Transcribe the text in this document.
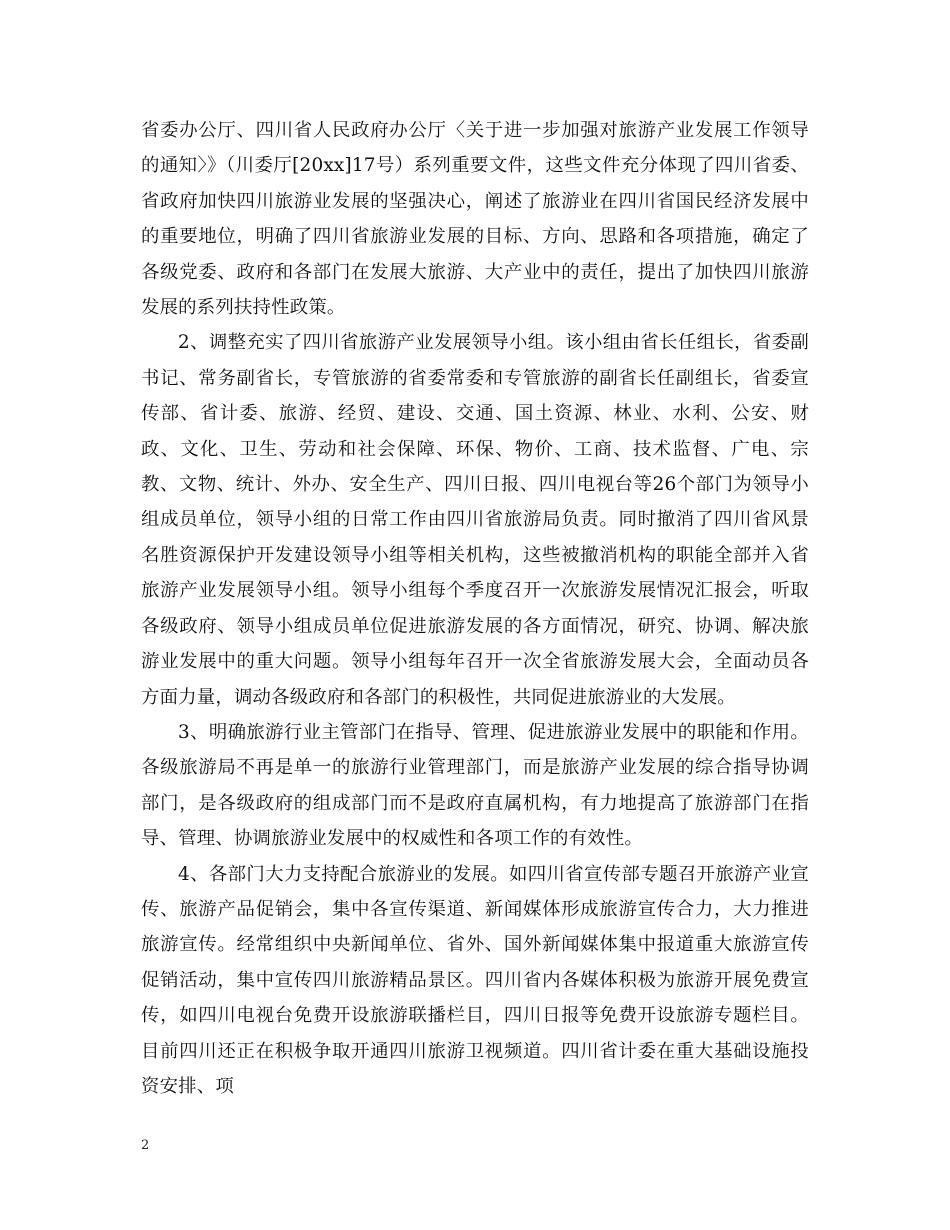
省委办公厅、四川省人民政府办公厅〈关于进一步加强对旅游产业发展工作领导的通知〉》（川委厅[20xx]17号）系列重要文件，这些文件充分体现了四川省委、省政府加快四川旅游业发展的坚强决心，阐述了旅游业在四川省国民经济发展中的重要地位，明确了四川省旅游业发展的目标、方向、思路和各项措施，确定了各级党委、政府和各部门在发展大旅游、大产业中的责任，提出了加快四川旅游发展的系列扶持性政策。

2、调整充实了四川省旅游产业发展领导小组。该小组由省长任组长，省委副书记、常务副省长，专管旅游的省委常委和专管旅游的副省长任副组长，省委宣传部、省计委、旅游、经贸、建设、交通、国土资源、林业、水利、公安、财政、文化、卫生、劳动和社会保障、环保、物价、工商、技术监督、广电、宗教、文物、统计、外办、安全生产、四川日报、四川电视台等26个部门为领导小组成员单位，领导小组的日常工作由四川省旅游局负责。同时撤消了四川省风景名胜资源保护开发建设领导小组等相关机构，这些被撤消机构的职能全部并入省旅游产业发展领导小组。领导小组每个季度召开一次旅游发展情况汇报会，听取各级政府、领导小组成员单位促进旅游发展的各方面情况，研究、协调、解决旅游业发展中的重大问题。领导小组每年召开一次全省旅游发展大会，全面动员各方面力量，调动各级政府和各部门的积极性，共同促进旅游业的大发展。

3、明确旅游行业主管部门在指导、管理、促进旅游业发展中的职能和作用。各级旅游局不再是单一的旅游行业管理部门，而是旅游产业发展的综合指导协调部门，是各级政府的组成部门而不是政府直属机构，有力地提高了旅游部门在指导、管理、协调旅游业发展中的权威性和各项工作的有效性。

4、各部门大力支持配合旅游业的发展。如四川省宣传部专题召开旅游产业宣传、旅游产品促销会，集中各宣传渠道、新闻媒体形成旅游宣传合力，大力推进旅游宣传。经常组织中央新闻单位、省外、国外新闻媒体集中报道重大旅游宣传促销活动，集中宣传四川旅游精品景区。四川省内各媒体积极为旅游开展免费宣传，如四川电视台免费开设旅游联播栏目，四川日报等免费开设旅游专题栏目。目前四川还正在积极争取开通四川旅游卫视频道。四川省计委在重大基础设施投资安排、项

2
